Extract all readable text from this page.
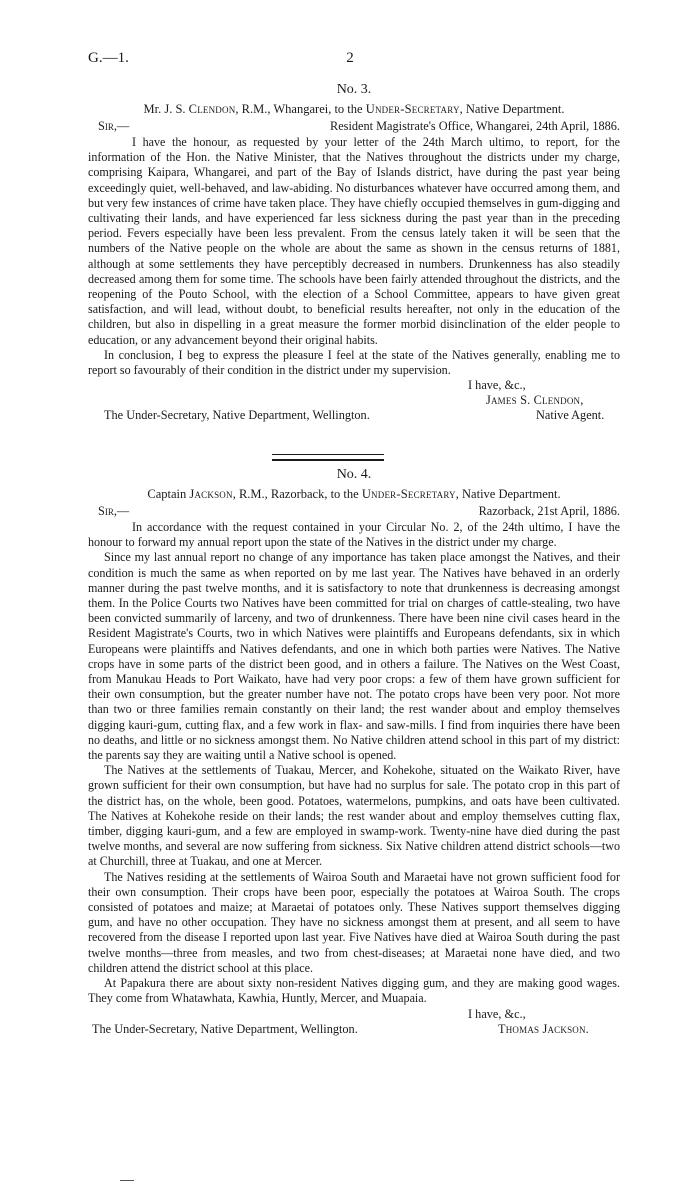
G.—1.	2
No. 3.
Mr. J. S. Clendon, R.M., Whangarei, to the Under-Secretary, Native Department.
Sir,—	Resident Magistrate's Office, Whangarei, 24th April, 1886.

I have the honour, as requested by your letter of the 24th March ultimo, to report, for the information of the Hon. the Native Minister, that the Natives throughout the districts under my charge, comprising Kaipara, Whangarei, and part of the Bay of Islands district, have during the past year being exceedingly quiet, well-behaved, and law-abiding. No disturbances whatever have occurred among them, and but very few instances of crime have taken place. They have chiefly occupied themselves in gum-digging and cultivating their lands, and have experienced far less sickness during the past year than in the preceding period. Fevers especially have been less prevalent. From the census lately taken it will be seen that the numbers of the Native people on the whole are about the same as shown in the census returns of 1881, although at some settlements they have perceptibly decreased in numbers. Drunkenness has also steadily decreased among them for some time. The schools have been fairly attended throughout the districts, and the reopening of the Pouto School, with the election of a School Committee, appears to have given great satisfaction, and will lead, without doubt, to beneficial results hereafter, not only in the education of the children, but also in dispelling in a great measure the former morbid disinclination of the elder people to education, or any advancement beyond their original habits.

In conclusion, I beg to express the pleasure I feel at the state of the Natives generally, enabling me to report so favourably of their condition in the district under my supervision.

I have, &c.,
James S. Clendon,
The Under-Secretary, Native Department, Wellington.	Native Agent.
No. 4.
Captain Jackson, R.M., Razorback, to the Under-Secretary, Native Department.
Sir,—	Razorback, 21st April, 1886.

In accordance with the request contained in your Circular No. 2, of the 24th ultimo, I have the honour to forward my annual report upon the state of the Natives in the district under my charge.

Since my last annual report no change of any importance has taken place amongst the Natives, and their condition is much the same as when reported on by me last year. The Natives have behaved in an orderly manner during the past twelve months, and it is satisfactory to note that drunkenness is decreasing amongst them. In the Police Courts two Natives have been committed for trial on charges of cattle-stealing, two have been convicted summarily of larceny, and two of drunkenness. There have been nine civil cases heard in the Resident Magistrate's Courts, two in which Natives were plaintiffs and Europeans defendants, six in which Europeans were plaintiffs and Natives defendants, and one in which both parties were Natives. The Native crops have in some parts of the district been good, and in others a failure. The Natives on the West Coast, from Manukau Heads to Port Waikato, have had very poor crops: a few of them have grown sufficient for their own consumption, but the greater number have not. The potato crops have been very poor. Not more than two or three families remain constantly on their land; the rest wander about and employ themselves digging kauri-gum, cutting flax, and a few work in flax- and saw-mills. I find from inquiries there have been no deaths, and little or no sickness amongst them. No Native children attend school in this part of my district: the parents say they are waiting until a Native school is opened.

The Natives at the settlements of Tuakau, Mercer, and Kohekohe, situated on the Waikato River, have grown sufficient for their own consumption, but have had no surplus for sale. The potato crop in this part of the district has, on the whole, been good. Potatoes, watermelons, pumpkins, and oats have been cultivated. The Natives at Kohekohe reside on their lands; the rest wander about and employ themselves cutting flax, timber, digging kauri-gum, and a few are employed in swamp-work. Twenty-nine have died during the past twelve months, and several are now suffering from sickness. Six Native children attend district schools—two at Churchill, three at Tuakau, and one at Mercer.

The Natives residing at the settlements of Wairoa South and Maraetai have not grown sufficient food for their own consumption. Their crops have been poor, especially the potatoes at Wairoa South. The crops consisted of potatoes and maize; at Maraetai of potatoes only. These Natives support themselves digging gum, and have no other occupation. They have no sickness amongst them at present, and all seem to have recovered from the disease I reported upon last year. Five Natives have died at Wairoa South during the past twelve months—three from measles, and two from chest-diseases; at Maraetai none have died, and two children attend the district school at this place.

At Papakura there are about sixty non-resident Natives digging gum, and they are making good wages. They come from Whatawhata, Kawhia, Huntly, Mercer, and Muapaia.

I have, &c.,
The Under-Secretary, Native Department, Wellington.	Thomas Jackson.
